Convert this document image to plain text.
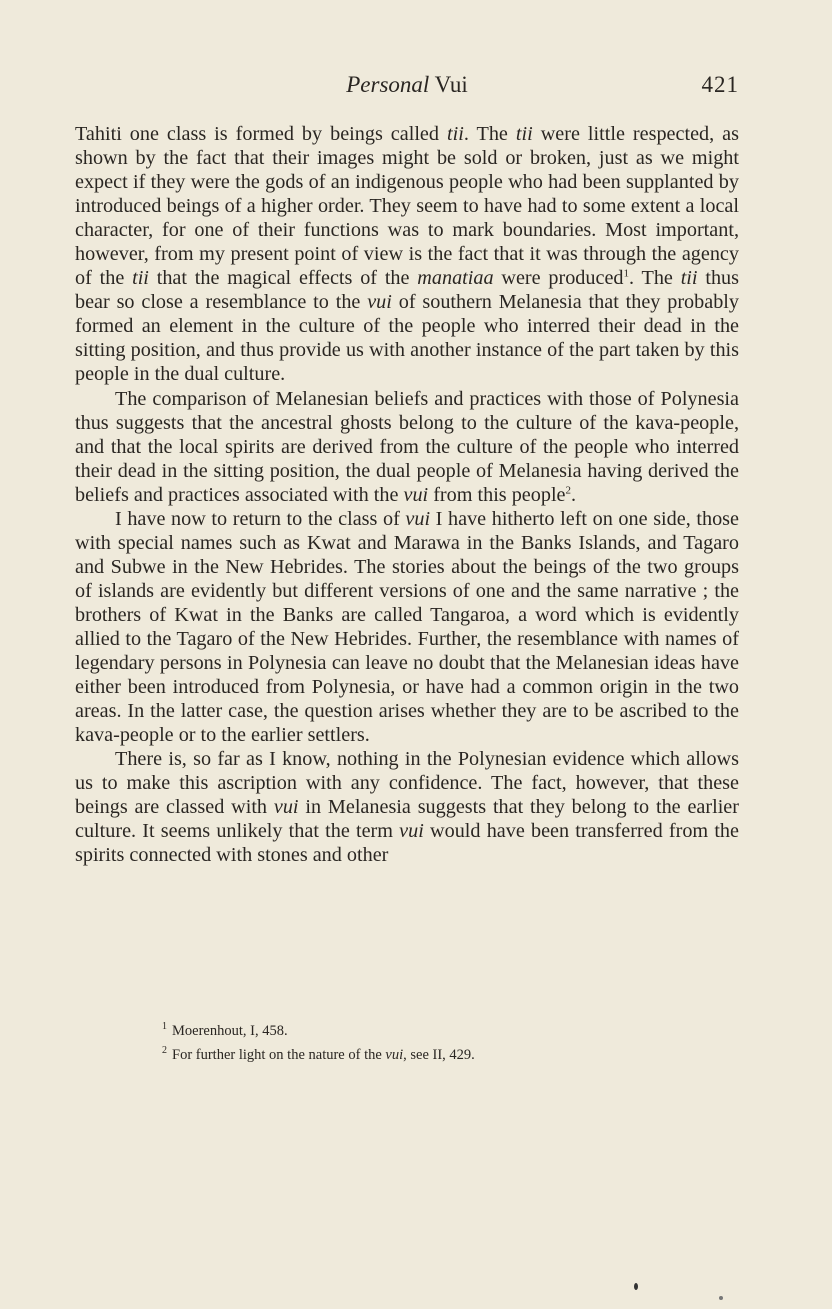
Personal Vui	421

Tahiti one class is formed by beings called tii. The tii were little respected, as shown by the fact that their images might be sold or broken, just as we might expect if they were the gods of an indigenous people who had been supplanted by introduced beings of a higher order. They seem to have had to some extent a local character, for one of their functions was to mark boundaries. Most important, however, from my present point of view is the fact that it was through the agency of the tii that the magical effects of the manatiaa were produced$^1$. The tii thus bear so close a resemblance to the vui of southern Melanesia that they probably formed an element in the culture of the people who interred their dead in the sitting position, and thus provide us with another instance of the part taken by this people in the dual culture.

The comparison of Melanesian beliefs and practices with those of Polynesia thus suggests that the ancestral ghosts belong to the culture of the kava-people, and that the local spirits are derived from the culture of the people who interred their dead in the sitting position, the dual people of Melanesia having derived the beliefs and practices associated with the vui from this people$^2$.

I have now to return to the class of vui I have hitherto left on one side, those with special names such as Kwat and Marawa in the Banks Islands, and Tagaro and Subwe in the New Hebrides. The stories about the beings of the two groups of islands are evidently but different versions of one and the same narrative ; the brothers of Kwat in the Banks are called Tangaroa, a word which is evidently allied to the Tagaro of the New Hebrides. Further, the resemblance with names of legendary persons in Polynesia can leave no doubt that the Melanesian ideas have either been introduced from Polynesia, or have had a common origin in the two areas. In the latter case, the question arises whether they are to be ascribed to the kava-people or to the earlier settlers.

There is, so far as I know, nothing in the Polynesian evidence which allows us to make this ascription with any confidence. The fact, however, that these beings are classed with vui in Melanesia suggests that they belong to the earlier culture. It seems unlikely that the term vui would have been transferred from the spirits connected with stones and other

$^1$ Moerenhout, I, 458.

$^2$ For further light on the nature of the vui, see II, 429.
